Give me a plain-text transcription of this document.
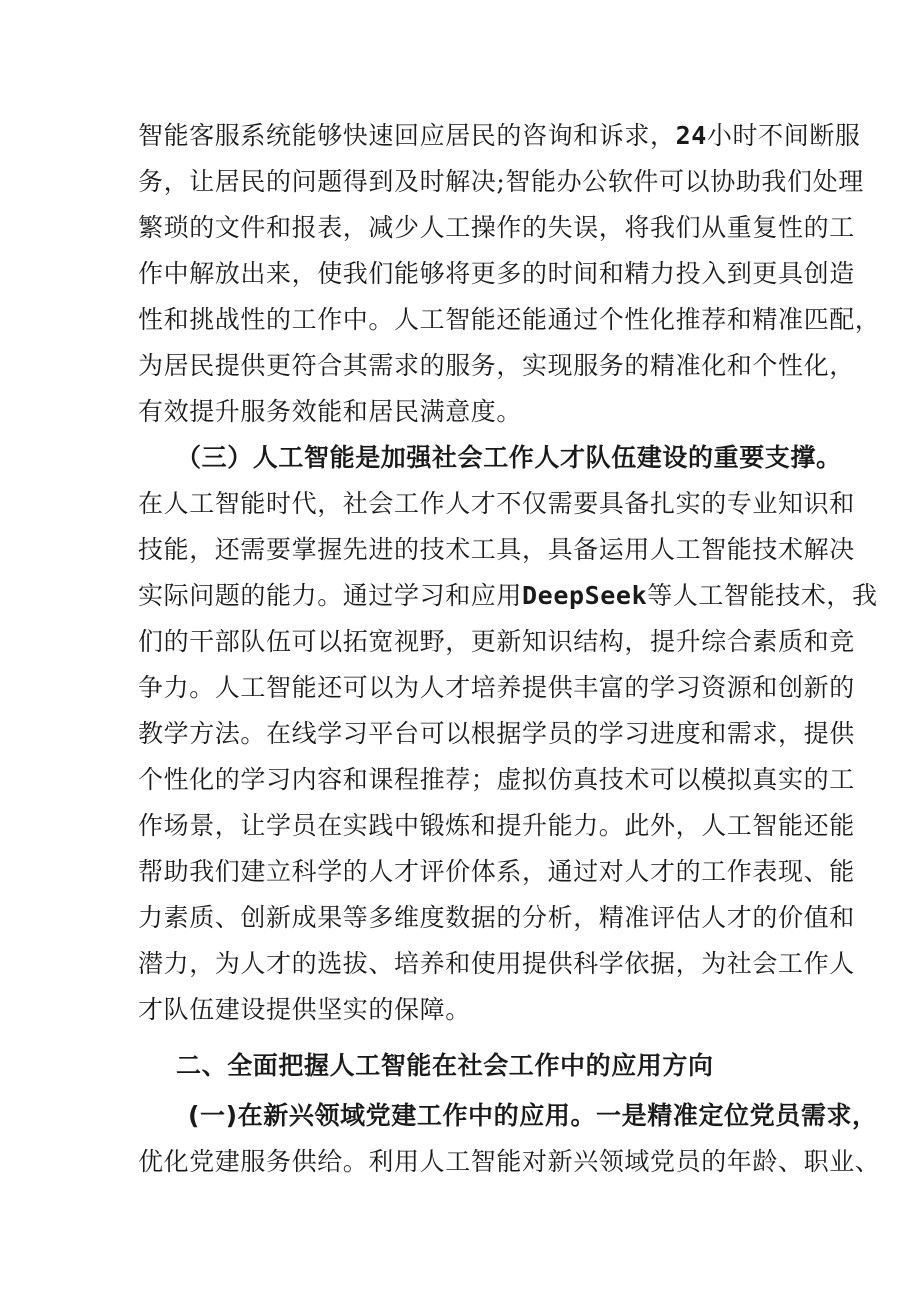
智能客服系统能够快速回应居民的咨询和诉求，24小时不间断服
务，让居民的问题得到及时解决;智能办公软件可以协助我们处理
繁琐的文件和报表，减少人工操作的失误，将我们从重复性的工
作中解放出来，使我们能够将更多的时间和精力投入到更具创造
性和挑战性的工作中。人工智能还能通过个性化推荐和精准匹配，
为居民提供更符合其需求的服务，实现服务的精准化和个性化，
有效提升服务效能和居民满意度。
（三）人工智能是加强社会工作人才队伍建设的重要支撑。
在人工智能时代，社会工作人才不仅需要具备扎实的专业知识和
技能，还需要掌握先进的技术工具，具备运用人工智能技术解决
实际问题的能力。通过学习和应用DeepSeek等人工智能技术，我
们的干部队伍可以拓宽视野，更新知识结构，提升综合素质和竞
争力。人工智能还可以为人才培养提供丰富的学习资源和创新的
教学方法。在线学习平台可以根据学员的学习进度和需求，提供
个性化的学习内容和课程推荐；虚拟仿真技术可以模拟真实的工
作场景，让学员在实践中锻炼和提升能力。此外，人工智能还能
帮助我们建立科学的人才评价体系，通过对人才的工作表现、能
力素质、创新成果等多维度数据的分析，精准评估人才的价值和
潜力，为人才的选拔、培养和使用提供科学依据，为社会工作人
才队伍建设提供坚实的保障。
二、全面把握人工智能在社会工作中的应用方向
(一)在新兴领域党建工作中的应用。一是精准定位党员需求，
优化党建服务供给。利用人工智能对新兴领域党员的年龄、职业、
